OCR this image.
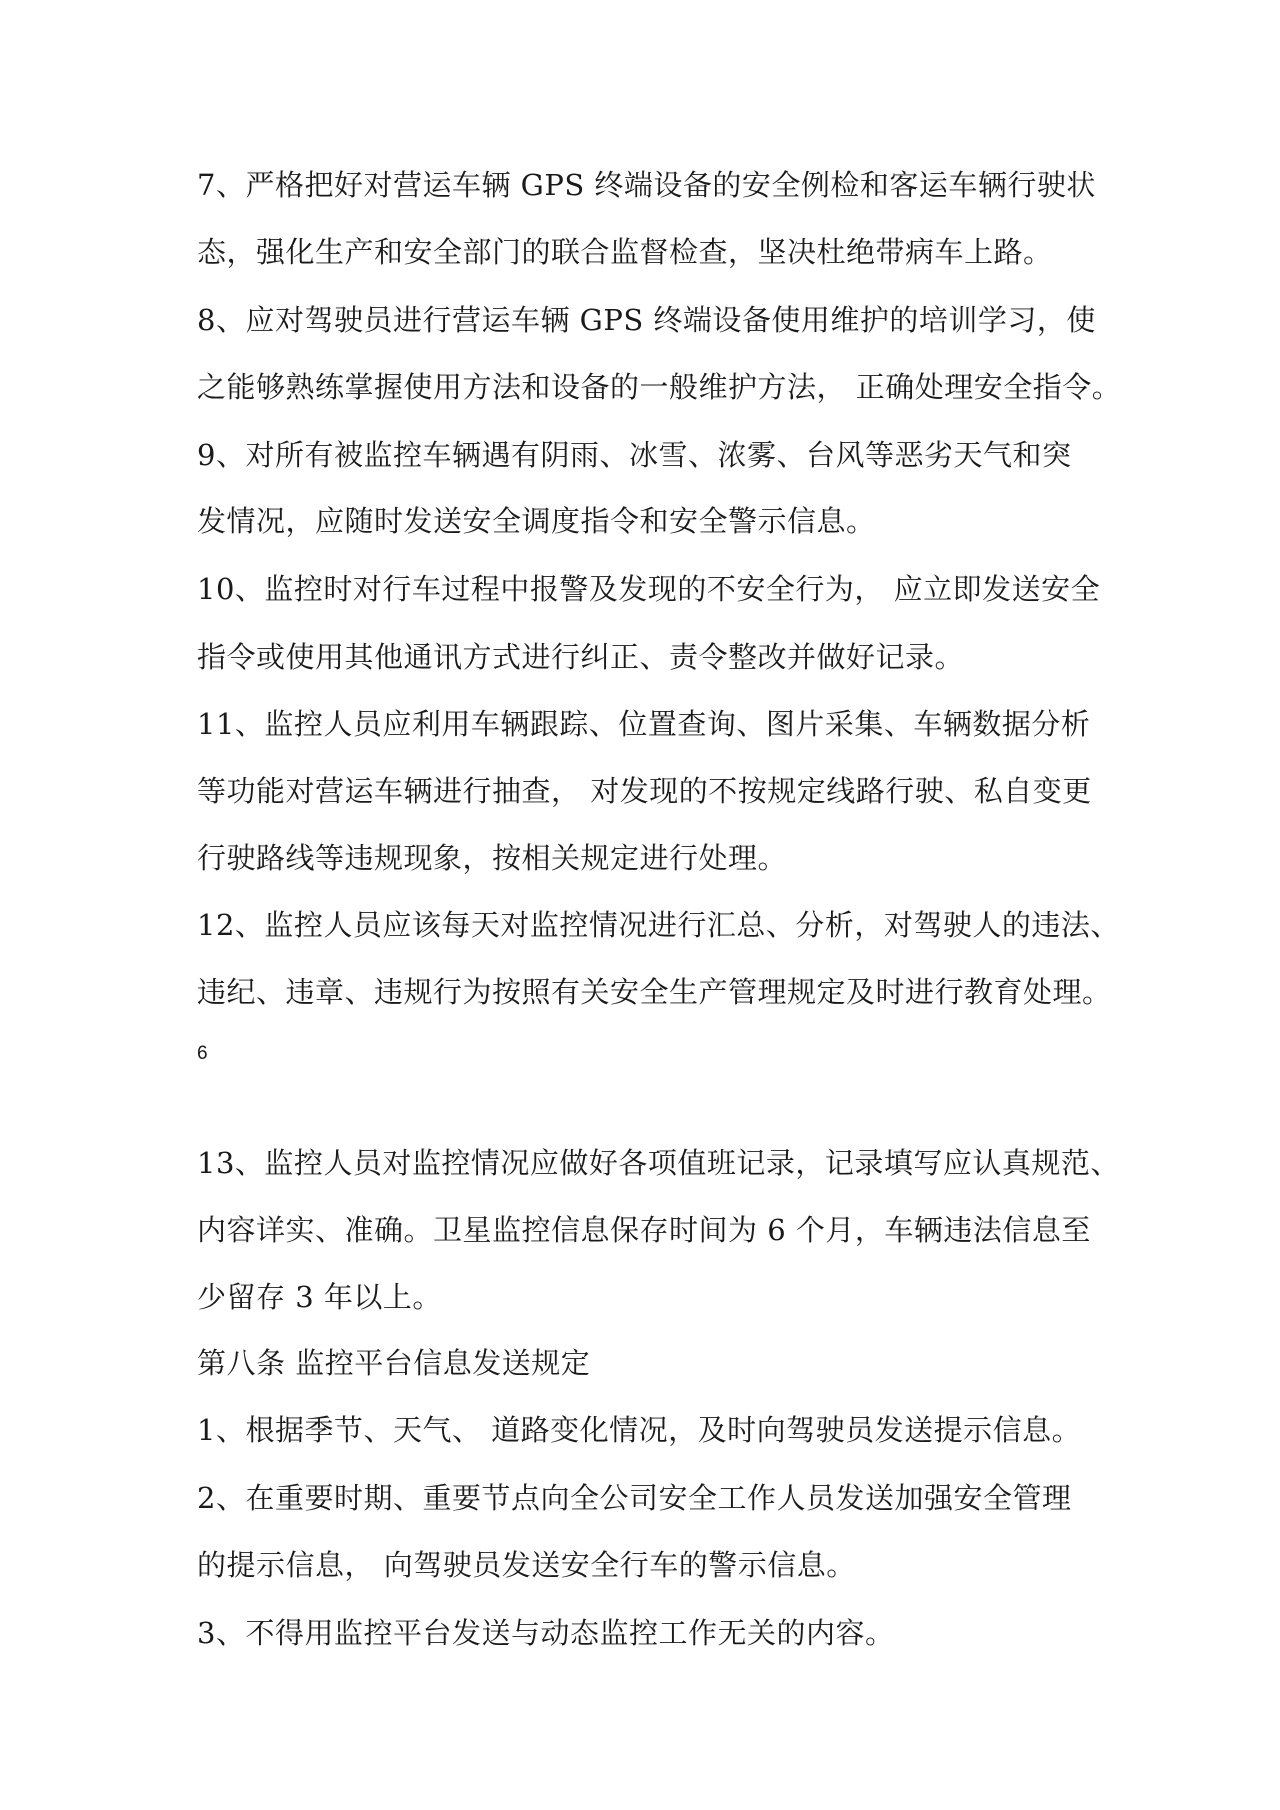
7、严格把好对营运车辆 GPS 终端设备的安全例检和客运车辆行驶状

态，强化生产和安全部门的联合监督检查，坚决杜绝带病车上路。

8、应对驾驶员进行营运车辆 GPS 终端设备使用维护的培训学习，使

之能够熟练掌握使用方法和设备的一般维护方法， 正确处理安全指令。

9、对所有被监控车辆遇有阴雨、冰雪、浓雾、台风等恶劣天气和突

发情况，应随时发送安全调度指令和安全警示信息。

10、监控时对行车过程中报警及发现的不安全行为， 应立即发送安全

指令或使用其他通讯方式进行纠正、责令整改并做好记录。

11、监控人员应利用车辆跟踪、位置查询、图片采集、车辆数据分析

等功能对营运车辆进行抽查， 对发现的不按规定线路行驶、私自变更

行驶路线等违规现象，按相关规定进行处理。

12、监控人员应该每天对监控情况进行汇总、分析，对驾驶人的违法、

违纪、违章、违规行为按照有关安全生产管理规定及时进行教育处理。

6

13、监控人员对监控情况应做好各项值班记录，记录填写应认真规范、

内容详实、准确。卫星监控信息保存时间为 6 个月，车辆违法信息至

少留存 3 年以上。

第八条 监控平台信息发送规定

1、根据季节、天气、 道路变化情况，及时向驾驶员发送提示信息。

2、在重要时期、重要节点向全公司安全工作人员发送加强安全管理

的提示信息， 向驾驶员发送安全行车的警示信息。

3、不得用监控平台发送与动态监控工作无关的内容。
